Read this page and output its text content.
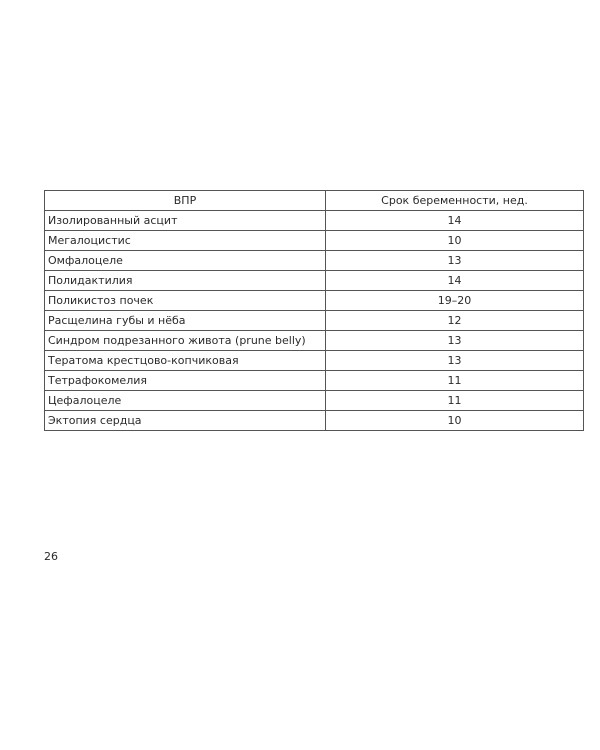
ВПР	Срок беременности, нед.
Изолированный асцит	14
Мегалоцистис	10
Омфалоцеле	13
Полидактилия	14
Поликистоз почек	19–20
Расщелина губы и нёба	12
Синдром подрезанного живота (prune belly)	13
Тератома крестцово-копчиковая	13
Тетрафокомелия	11
Цефалоцеле	11
Эктопия сердца	10
26
